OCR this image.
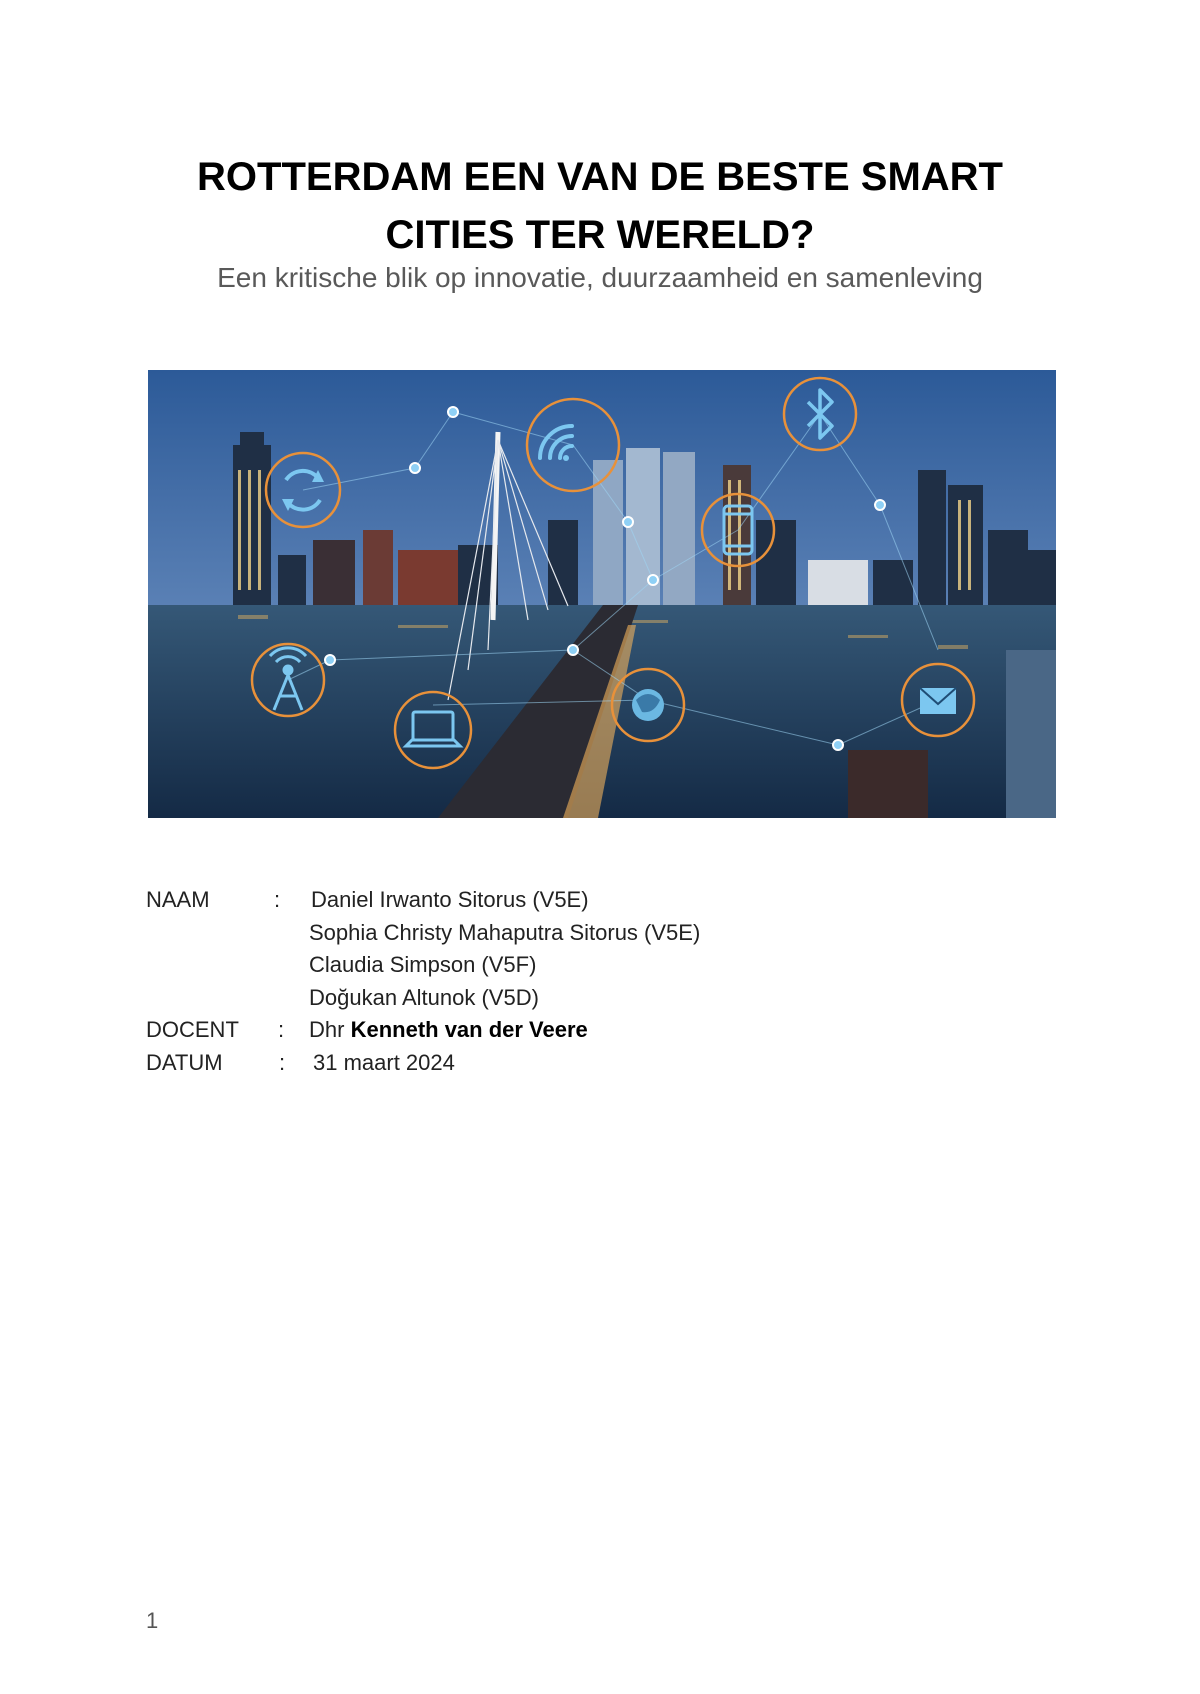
ROTTERDAM EEN VAN DE BESTE SMART
CITIES TER WERELD?

Een kritische blik op innovatie, duurzaamheid en samenleving

NAAM	: Daniel Irwanto Sitorus (V5E)
Sophia Christy Mahaputra Sitorus (V5E)
Claudia Simpson (V5F)
Doğukan Altunok (V5D)
DOCENT : Dhr Kenneth van der Veere
DATUM	: 31 maart 2024
1
